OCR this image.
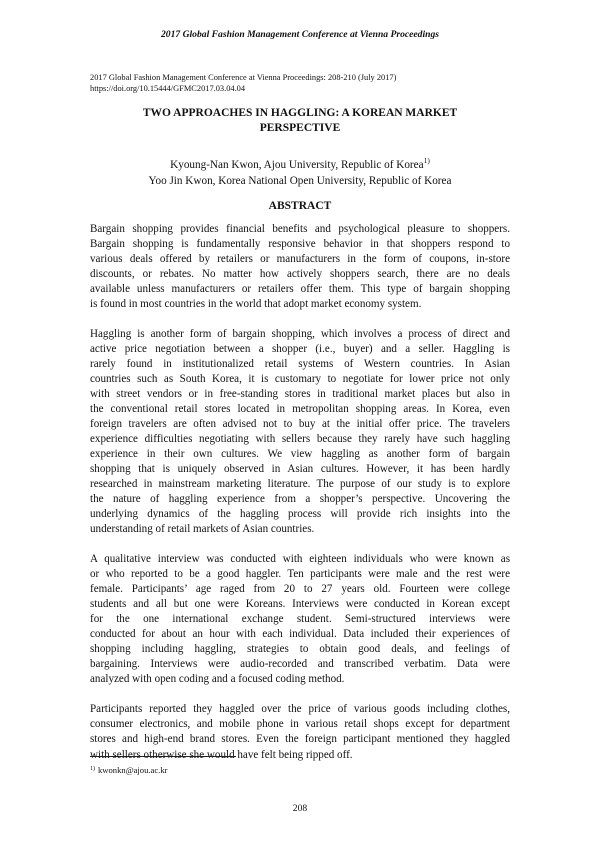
2017 Global Fashion Management Conference at Vienna Proceedings
2017 Global Fashion Management Conference at Vienna Proceedings: 208-210 (July 2017)
https://doi.org/10.15444/GFMC2017.03.04.04
TWO APPROACHES IN HAGGLING: A KOREAN MARKET
PERSPECTIVE
Kyoung-Nan Kwon, Ajou University, Republic of Korea$^{1)}$
Yoo Jin Kwon, Korea National Open University, Republic of Korea
ABSTRACT
Bargain shopping provides financial benefits and psychological pleasure to shoppers.
Bargain shopping is fundamentally responsive behavior in that shoppers respond to
various deals offered by retailers or manufacturers in the form of coupons, in-store
discounts, or rebates. No matter how actively shoppers search, there are no deals
available unless manufacturers or retailers offer them. This type of bargain shopping
is found in most countries in the world that adopt market economy system.
Haggling is another form of bargain shopping, which involves a process of direct and
active price negotiation between a shopper (i.e., buyer) and a seller. Haggling is
rarely found in institutionalized retail systems of Western countries. In Asian
countries such as South Korea, it is customary to negotiate for lower price not only
with street vendors or in free-standing stores in traditional market places but also in
the conventional retail stores located in metropolitan shopping areas. In Korea, even
foreign travelers are often advised not to buy at the initial offer price. The travelers
experience difficulties negotiating with sellers because they rarely have such haggling
experience in their own cultures. We view haggling as another form of bargain
shopping that is uniquely observed in Asian cultures. However, it has been hardly
researched in mainstream marketing literature. The purpose of our study is to explore
the nature of haggling experience from a shopper’s perspective. Uncovering the
underlying dynamics of the haggling process will provide rich insights into the
understanding of retail markets of Asian countries.
A qualitative interview was conducted with eighteen individuals who were known as
or who reported to be a good haggler. Ten participants were male and the rest were
female. Participants’ age raged from 20 to 27 years old. Fourteen were college
students and all but one were Koreans. Interviews were conducted in Korean except
for the one international exchange student. Semi-structured interviews were
conducted for about an hour with each individual. Data included their experiences of
shopping including haggling, strategies to obtain good deals, and feelings of
bargaining. Interviews were audio-recorded and transcribed verbatim. Data were
analyzed with open coding and a focused coding method.
Participants reported they haggled over the price of various goods including clothes,
consumer electronics, and mobile phone in various retail shops except for department
stores and high-end brand stores. Even the foreign participant mentioned they haggled
with sellers otherwise she would have felt being ripped off.
$^{1)}$ kwonkn@ajou.ac.kr
208
